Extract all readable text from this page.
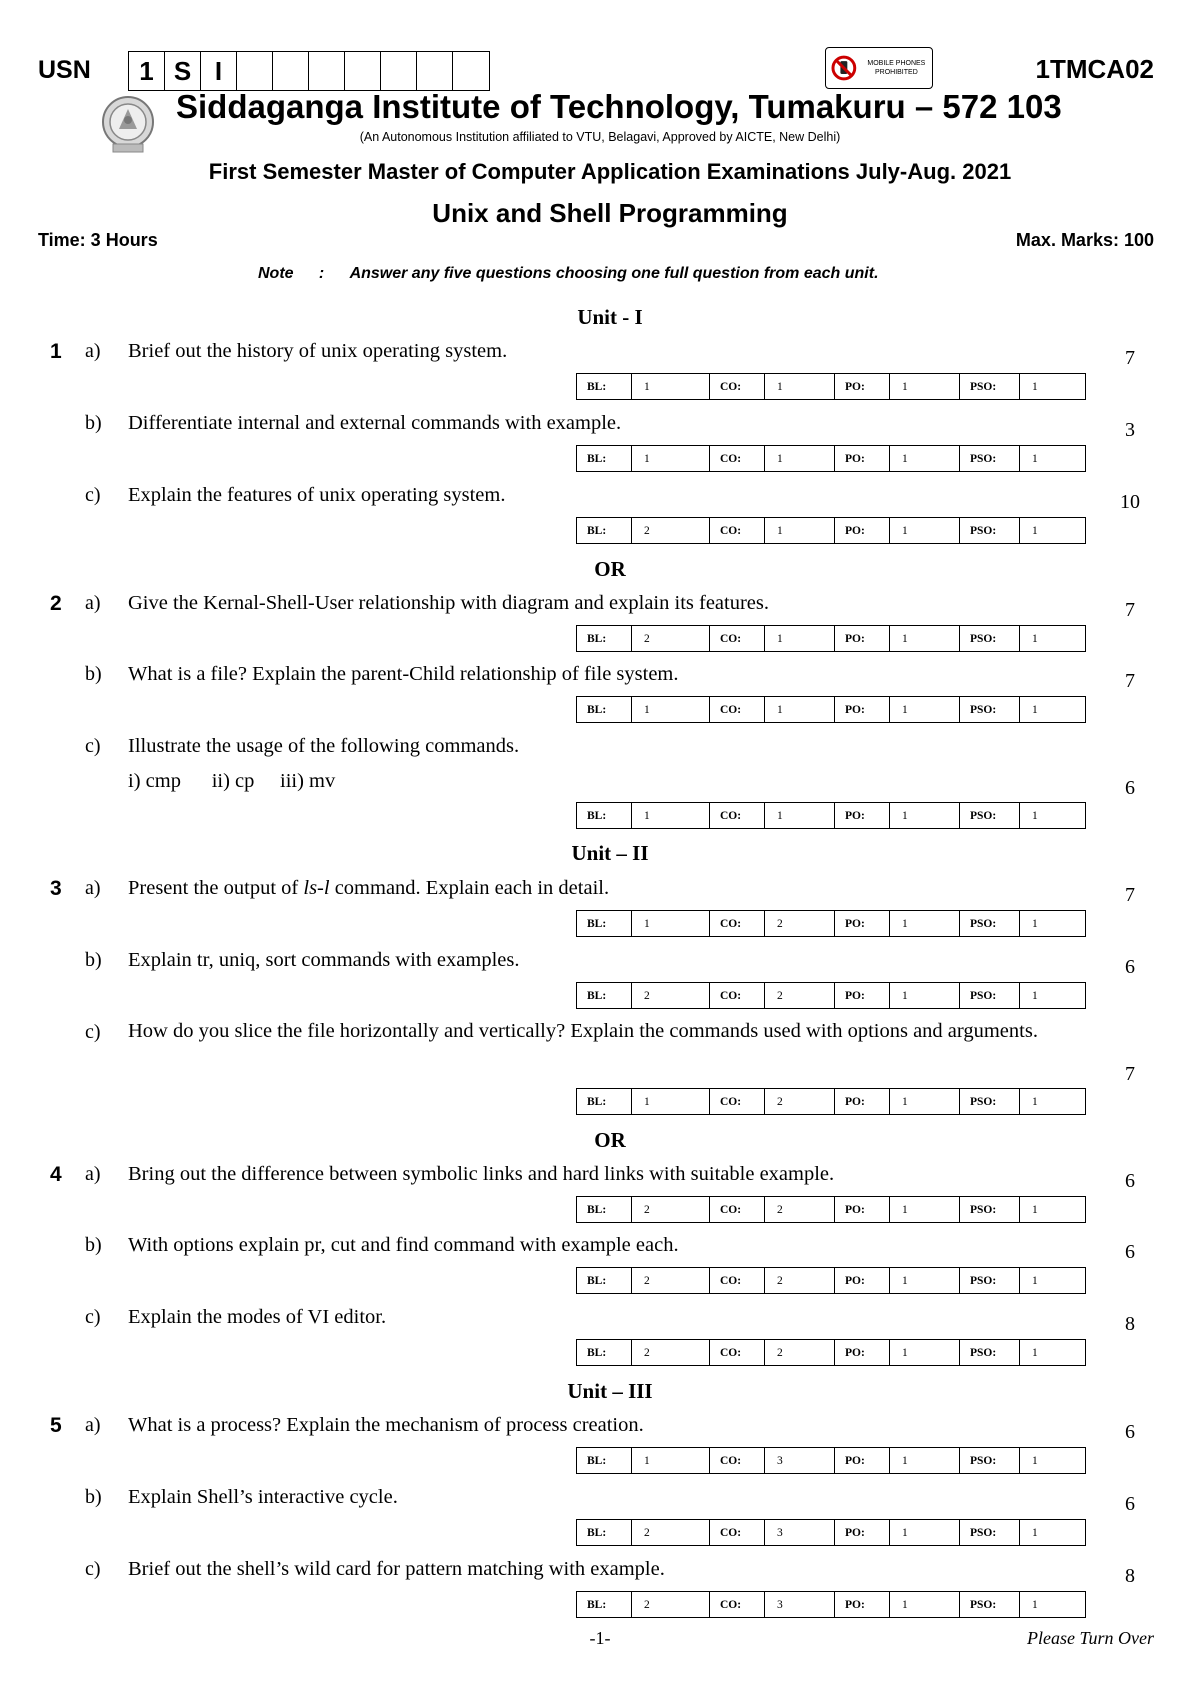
USN	1 S I	MOBILE PHONES PROHIBITED	1TMCA02
Siddaganga Institute of Technology, Tumakuru – 572 103
(An Autonomous Institution affiliated to VTU, Belagavi, Approved by AICTE, New Delhi)
First Semester Master of Computer Application Examinations July-Aug. 2021
Unix and Shell Programming
Time: 3 Hours	Max. Marks: 100
Note : Answer any five questions choosing one full question from each unit.
Unit - I
1 a) Brief out the history of unix operating system.	7
BL:	1	CO:	1	PO:	1	PSO:	1
b) Differentiate internal and external commands with example.	3
BL:	1	CO:	1	PO:	1	PSO:	1
c) Explain the features of unix operating system.	10
BL:	2	CO:	1	PO:	1	PSO:	1
OR
2 a) Give the Kernal-Shell-User relationship with diagram and explain its features.	7
BL:	2	CO:	1	PO:	1	PSO:	1
b) What is a file? Explain the parent-Child relationship of file system.	7
BL:	1	CO:	1	PO:	1	PSO:	1
c) Illustrate the usage of the following commands.
i) cmp      ii) cp     iii) mv	6
BL:	1	CO:	1	PO:	1	PSO:	1
Unit – II
3 a) Present the output of ls-l command. Explain each in detail.	7
BL:	1	CO:	2	PO:	1	PSO:	1
b) Explain tr, uniq, sort commands with examples.	6
BL:	2	CO:	2	PO:	1	PSO:	1
c) How do you slice the file horizontally and vertically? Explain the commands used with options and arguments.
7
BL:	1	CO:	2	PO:	1	PSO:	1
OR
4 a) Bring out the difference between symbolic links and hard links with suitable example.	6
BL:	2	CO:	2	PO:	1	PSO:	1
b) With options explain pr, cut and find command with example each.	6
BL:	2	CO:	2	PO:	1	PSO:	1
c) Explain the modes of VI editor.	8
BL:	2	CO:	2	PO:	1	PSO:	1
Unit – III
5 a) What is a process? Explain the mechanism of process creation.	6
BL:	1	CO:	3	PO:	1	PSO:	1
b) Explain Shell’s interactive cycle.	6
BL:	2	CO:	3	PO:	1	PSO:	1
c) Brief out the shell’s wild card for pattern matching with example.	8
BL:	2	CO:	3	PO:	1	PSO:	1
-1-	Please Turn Over
